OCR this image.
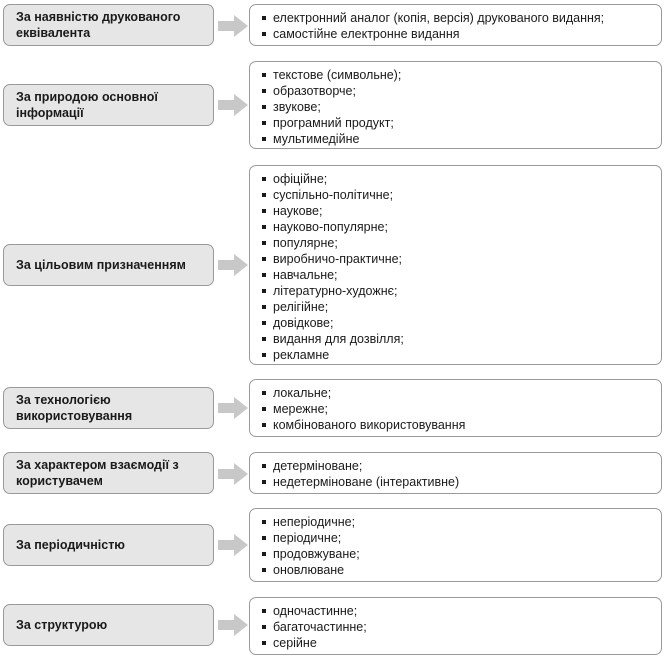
За наявністю друкованого еквівалента
електронний аналог (копія, версія) друкованого видання;
самостійне електронне видання
За природою основної інформації
текстове (символьне);
образотворче;
звукове;
програмний продукт;
мультимедійне
За цільовим призначенням
офіційне;
суспільно-політичне;
наукове;
науково-популярне;
популярне;
виробничо-практичне;
навчальне;
літературно-художнє;
релігійне;
довідкове;
видання для дозвілля;
рекламне
За технологією використовування
локальне;
мережне;
комбінованого використовування
За характером взаємодії з користувачем
детерміноване;
недетерміноване (інтерактивне)
За періодичністю
неперіодичне;
періодичне;
продовжуване;
оновлюване
За структурою
одночастинне;
багаточастинне;
серійне
